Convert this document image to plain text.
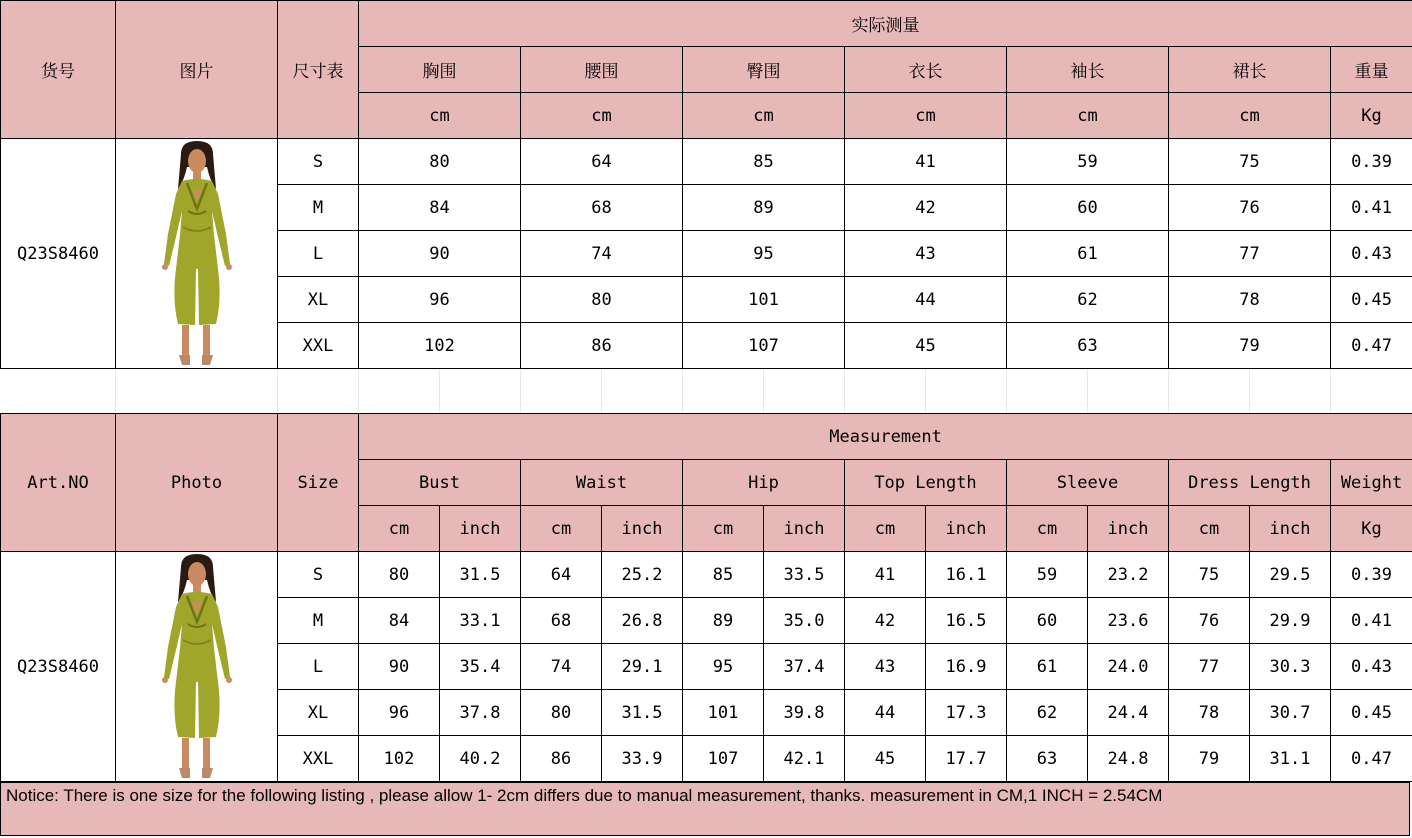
货号	图片	尺寸表	实际测量						
			胸围	腰围	臀围	衣长	袖长	裙长	重量
			cm	cm	cm	cm	cm	cm	Kg
Q23S8460		S	80	64	85	41	59	75	0.39
		M	84	68	89	42	60	76	0.41
		L	90	74	95	43	61	77	0.43
		XL	96	80	101	44	62	78	0.45
		XXL	102	86	107	45	63	79	0.47
Art.NO	Photo	Size	Measurement												
			Bust		Waist		Hip		Top Length		Sleeve		Dress Length		Weight
			cm	inch	cm	inch	cm	inch	cm	inch	cm	inch	cm	inch	Kg
Q23S8460		S	80	31.5	64	25.2	85	33.5	41	16.1	59	23.2	75	29.5	0.39
		M	84	33.1	68	26.8	89	35.0	42	16.5	60	23.6	76	29.9	0.41
		L	90	35.4	74	29.1	95	37.4	43	16.9	61	24.0	77	30.3	0.43
		XL	96	37.8	80	31.5	101	39.8	44	17.3	62	24.4	78	30.7	0.45
		XXL	102	40.2	86	33.9	107	42.1	45	17.7	63	24.8	79	31.1	0.47
Notice: There is one size for the following listing , please allow 1- 2cm differs due to manual measurement, thanks. measurement in CM,1 INCH = 2.54CM
